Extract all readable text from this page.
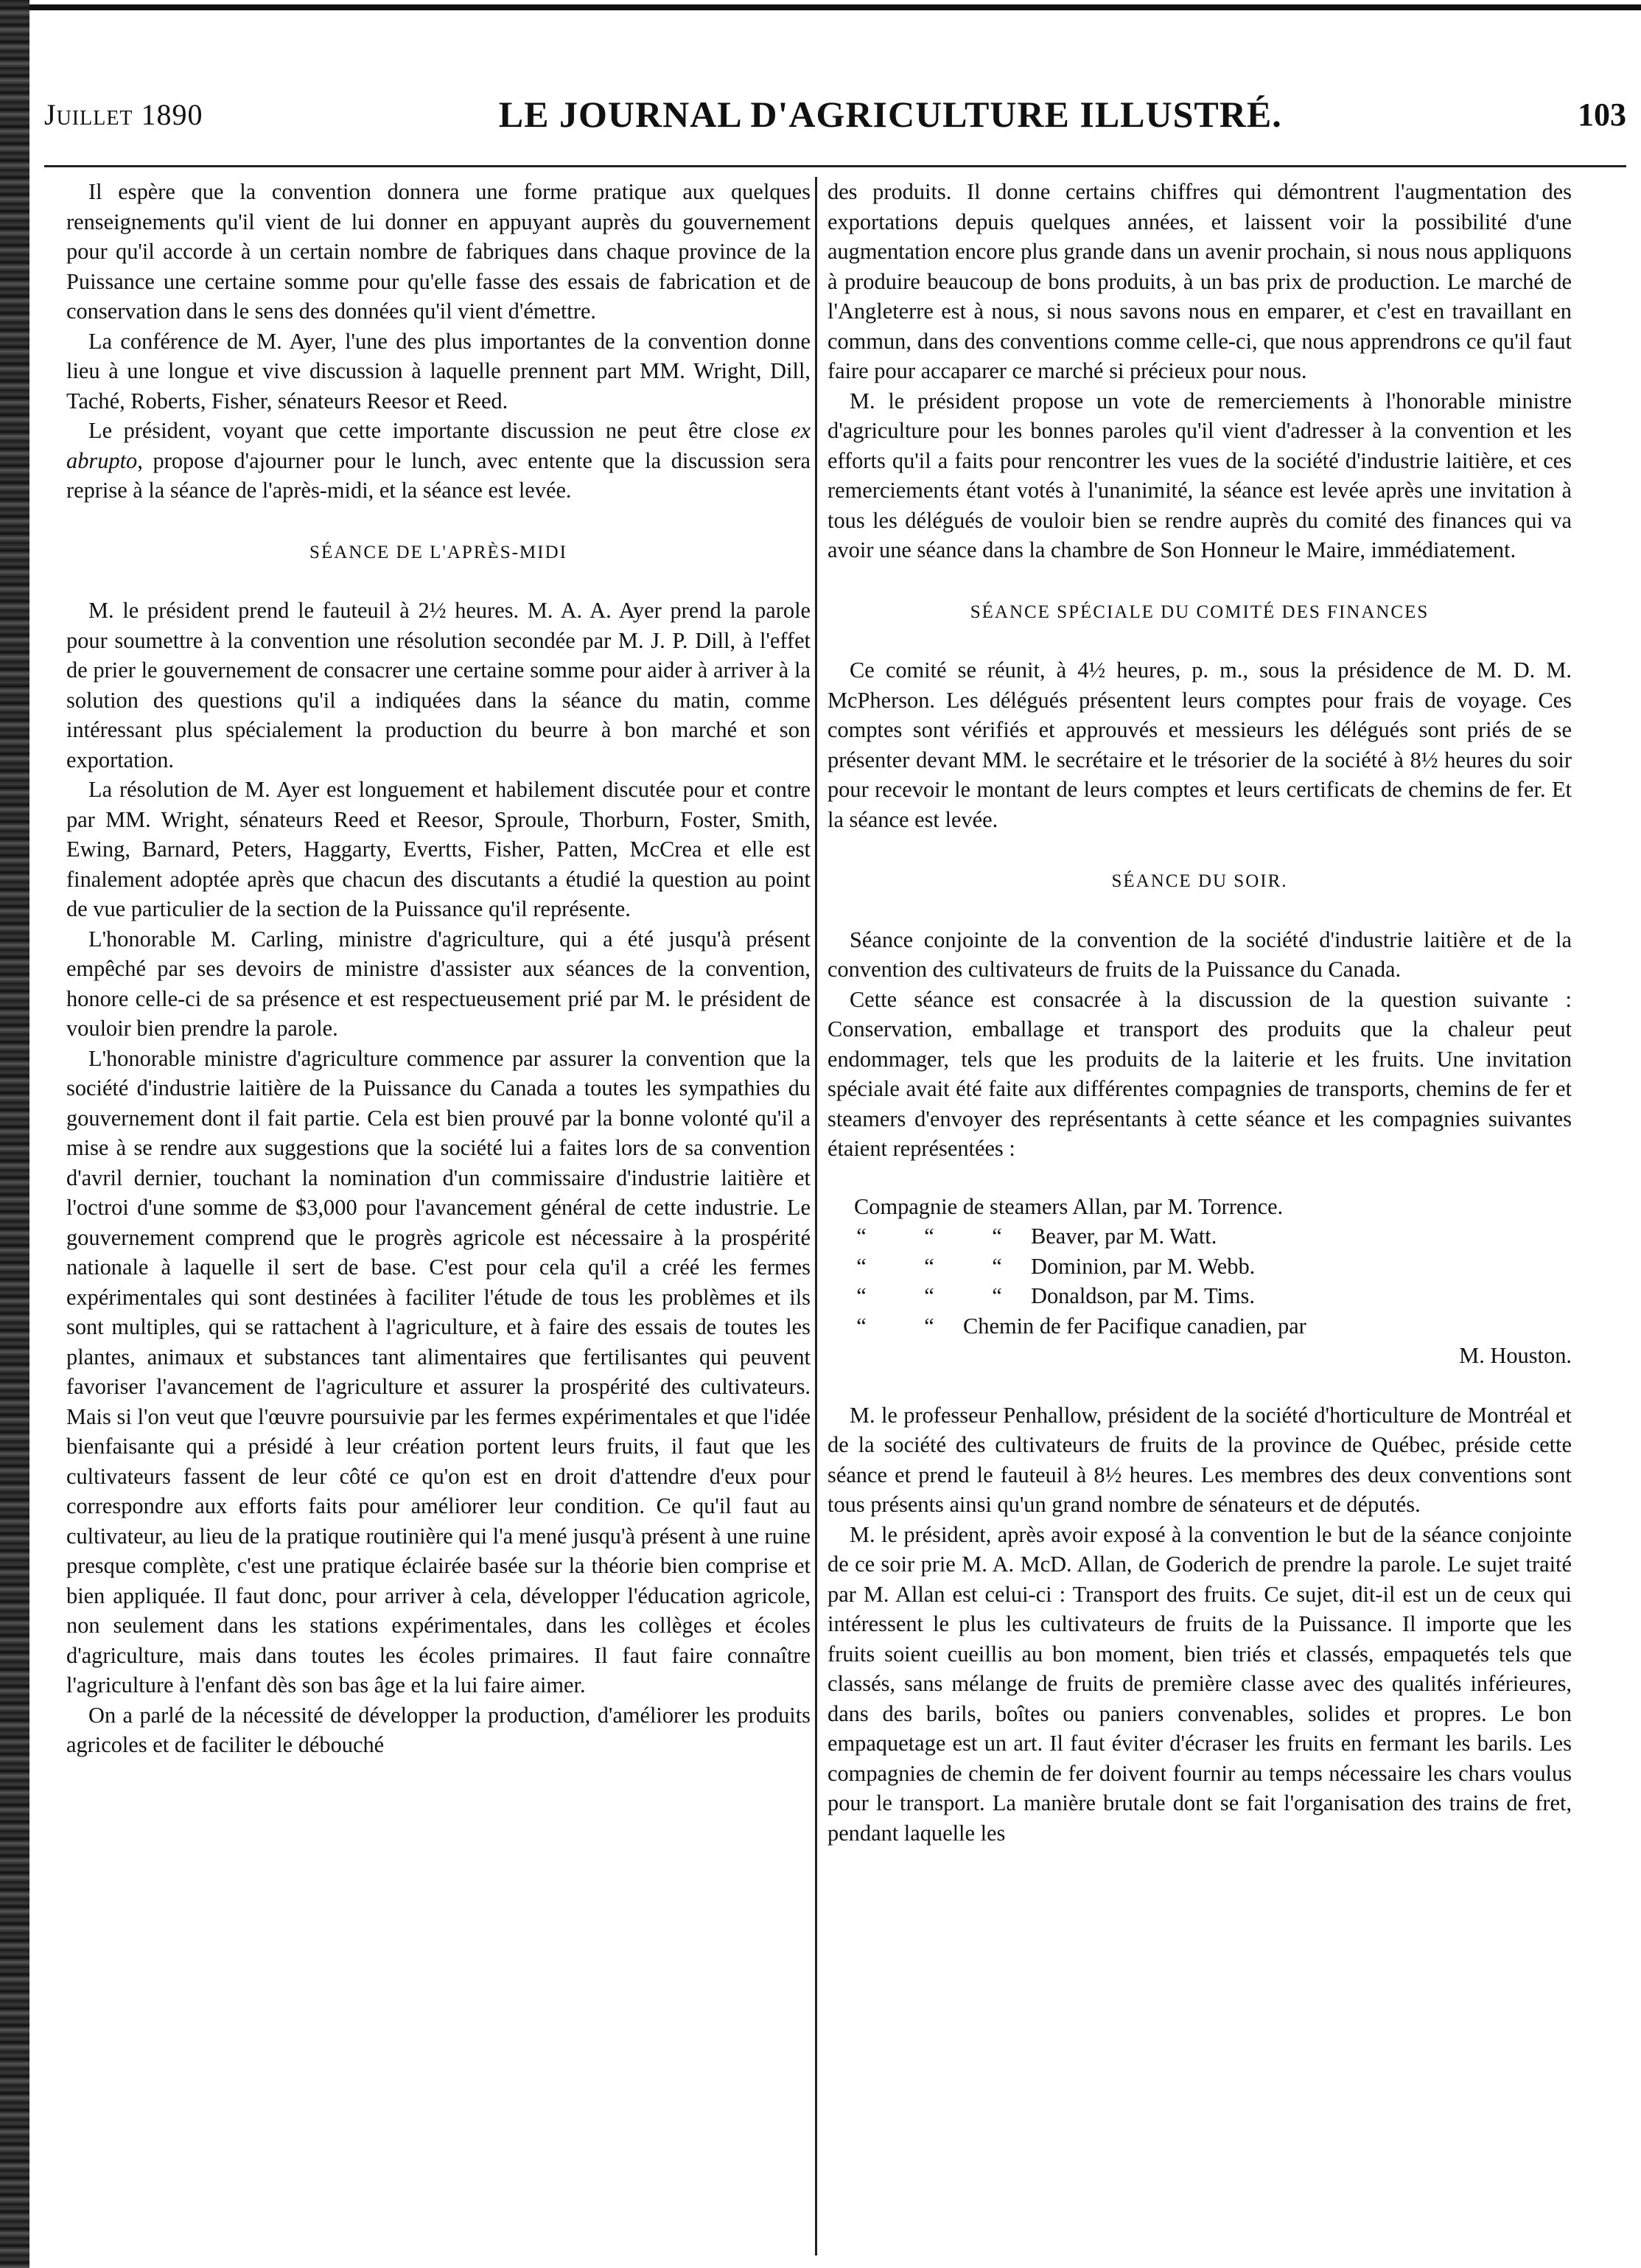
Juillet 1890	LE JOURNAL D'AGRICULTURE ILLUSTRÉ.	103

Il espère que la convention donnera une forme pratique aux quelques renseignements qu'il vient de lui donner en appuyant auprès du gouvernement pour qu'il accorde à un certain nombre de fabriques dans chaque province de la Puissance une certaine somme pour qu'elle fasse des essais de fabrication et de conservation dans le sens des données qu'il vient d'émettre.

La conférence de M. Ayer, l'une des plus importantes de la convention donne lieu à une longue et vive discussion à laquelle prennent part MM. Wright, Dill, Taché, Roberts, Fisher, sénateurs Reesor et Reed.

Le président, voyant que cette importante discussion ne peut être close ex abrupto, propose d'ajourner pour le lunch, avec entente que la discussion sera reprise à la séance de l'après-midi, et la séance est levée.

SÉANCE DE L'APRÈS-MIDI

M. le président prend le fauteuil à 2½ heures. M. A. A. Ayer prend la parole pour soumettre à la convention une résolution secondée par M. J. P. Dill, à l'effet de prier le gouvernement de consacrer une certaine somme pour aider à arriver à la solution des questions qu'il a indiquées dans la séance du matin, comme intéressant plus spécialement la production du beurre à bon marché et son exportation.

La résolution de M. Ayer est longuement et habilement discutée pour et contre par MM. Wright, sénateurs Reed et Reesor, Sproule, Thorburn, Foster, Smith, Ewing, Barnard, Peters, Haggarty, Evertts, Fisher, Patten, McCrea et elle est finalement adoptée après que chacun des discutants a étudié la question au point de vue particulier de la section de la Puissance qu'il représente.

L'honorable M. Carling, ministre d'agriculture, qui a été jusqu'à présent empêché par ses devoirs de ministre d'assister aux séances de la convention, honore celle-ci de sa présence et est respectueusement prié par M. le président de vouloir bien prendre la parole.

L'honorable ministre d'agriculture commence par assurer la convention que la société d'industrie laitière de la Puissance du Canada a toutes les sympathies du gouvernement dont il fait partie. Cela est bien prouvé par la bonne volonté qu'il a mise à se rendre aux suggestions que la société lui a faites lors de sa convention d'avril dernier, touchant la nomination d'un commissaire d'industrie laitière et l'octroi d'une somme de $3,000 pour l'avancement général de cette industrie. Le gouvernement comprend que le progrès agricole est nécessaire à la prospérité nationale à laquelle il sert de base. C'est pour cela qu'il a créé les fermes expérimentales qui sont destinées à faciliter l'étude de tous les problèmes et ils sont multiples, qui se rattachent à l'agriculture, et à faire des essais de toutes les plantes, animaux et substances tant alimentaires que fertilisantes qui peuvent favoriser l'avancement de l'agriculture et assurer la prospérité des cultivateurs. Mais si l'on veut que l'œuvre poursuivie par les fermes expérimentales et que l'idée bienfaisante qui a présidé à leur création portent leurs fruits, il faut que les cultivateurs fassent de leur côté ce qu'on est en droit d'attendre d'eux pour correspondre aux efforts faits pour améliorer leur condition. Ce qu'il faut au cultivateur, au lieu de la pratique routinière qui l'a mené jusqu'à présent à une ruine presque complète, c'est une pratique éclairée basée sur la théorie bien comprise et bien appliquée. Il faut donc, pour arriver à cela, développer l'éducation agricole, non seulement dans les stations expérimentales, dans les collèges et écoles d'agriculture, mais dans toutes les écoles primaires. Il faut faire connaître l'agriculture à l'enfant dès son bas âge et la lui faire aimer.

On a parlé de la nécessité de développer la production, d'améliorer les produits agricoles et de faciliter le débouché

des produits. Il donne certains chiffres qui démontrent l'augmentation des exportations depuis quelques années, et laissent voir la possibilité d'une augmentation encore plus grande dans un avenir prochain, si nous nous appliquons à produire beaucoup de bons produits, à un bas prix de production. Le marché de l'Angleterre est à nous, si nous savons nous en emparer, et c'est en travaillant en commun, dans des conventions comme celle-ci, que nous apprendrons ce qu'il faut faire pour accaparer ce marché si précieux pour nous.

M. le président propose un vote de remerciements à l'honorable ministre d'agriculture pour les bonnes paroles qu'il vient d'adresser à la convention et les efforts qu'il a faits pour rencontrer les vues de la société d'industrie laitière, et ces remerciements étant votés à l'unanimité, la séance est levée après une invitation à tous les délégués de vouloir bien se rendre auprès du comité des finances qui va avoir une séance dans la chambre de Son Honneur le Maire, immédiatement.

SÉANCE SPÉCIALE DU COMITÉ DES FINANCES

Ce comité se réunit, à 4½ heures, p. m., sous la présidence de M. D. M. McPherson. Les délégués présentent leurs comptes pour frais de voyage. Ces comptes sont vérifiés et approuvés et messieurs les délégués sont priés de se présenter devant MM. le secrétaire et le trésorier de la société à 8½ heures du soir pour recevoir le montant de leurs comptes et leurs certificats de chemins de fer. Et la séance est levée.

SÉANCE DU SOIR.

Séance conjointe de la convention de la société d'industrie laitière et de la convention des cultivateurs de fruits de la Puissance du Canada.

Cette séance est consacrée à la discussion de la question suivante : Conservation, emballage et transport des produits que la chaleur peut endommager, tels que les produits de la laiterie et les fruits. Une invitation spéciale avait été faite aux différentes compagnies de transports, chemins de fer et steamers d'envoyer des représentants à cette séance et les compagnies suivantes étaient représentées :

Compagnie de steamers Allan, par M. Torrence.
“	“	“	Beaver, par M. Watt.
“	“	“	Dominion, par M. Webb.
“	“	“	Donaldson, par M. Tims.
“	“	Chemin de fer Pacifique canadien, par
M. Houston.

M. le professeur Penhallow, président de la société d'horticulture de Montréal et de la société des cultivateurs de fruits de la province de Québec, préside cette séance et prend le fauteuil à 8½ heures. Les membres des deux conventions sont tous présents ainsi qu'un grand nombre de sénateurs et de députés.

M. le président, après avoir exposé à la convention le but de la séance conjointe de ce soir prie M. A. McD. Allan, de Goderich de prendre la parole. Le sujet traité par M. Allan est celui-ci : Transport des fruits. Ce sujet, dit-il est un de ceux qui intéressent le plus les cultivateurs de fruits de la Puissance. Il importe que les fruits soient cueillis au bon moment, bien triés et classés, empaquetés tels que classés, sans mélange de fruits de première classe avec des qualités inférieures, dans des barils, boîtes ou paniers convenables, solides et propres. Le bon empaquetage est un art. Il faut éviter d'écraser les fruits en fermant les barils. Les compagnies de chemin de fer doivent fournir au temps nécessaire les chars voulus pour le transport. La manière brutale dont se fait l'organisation des trains de fret, pendant laquelle les
